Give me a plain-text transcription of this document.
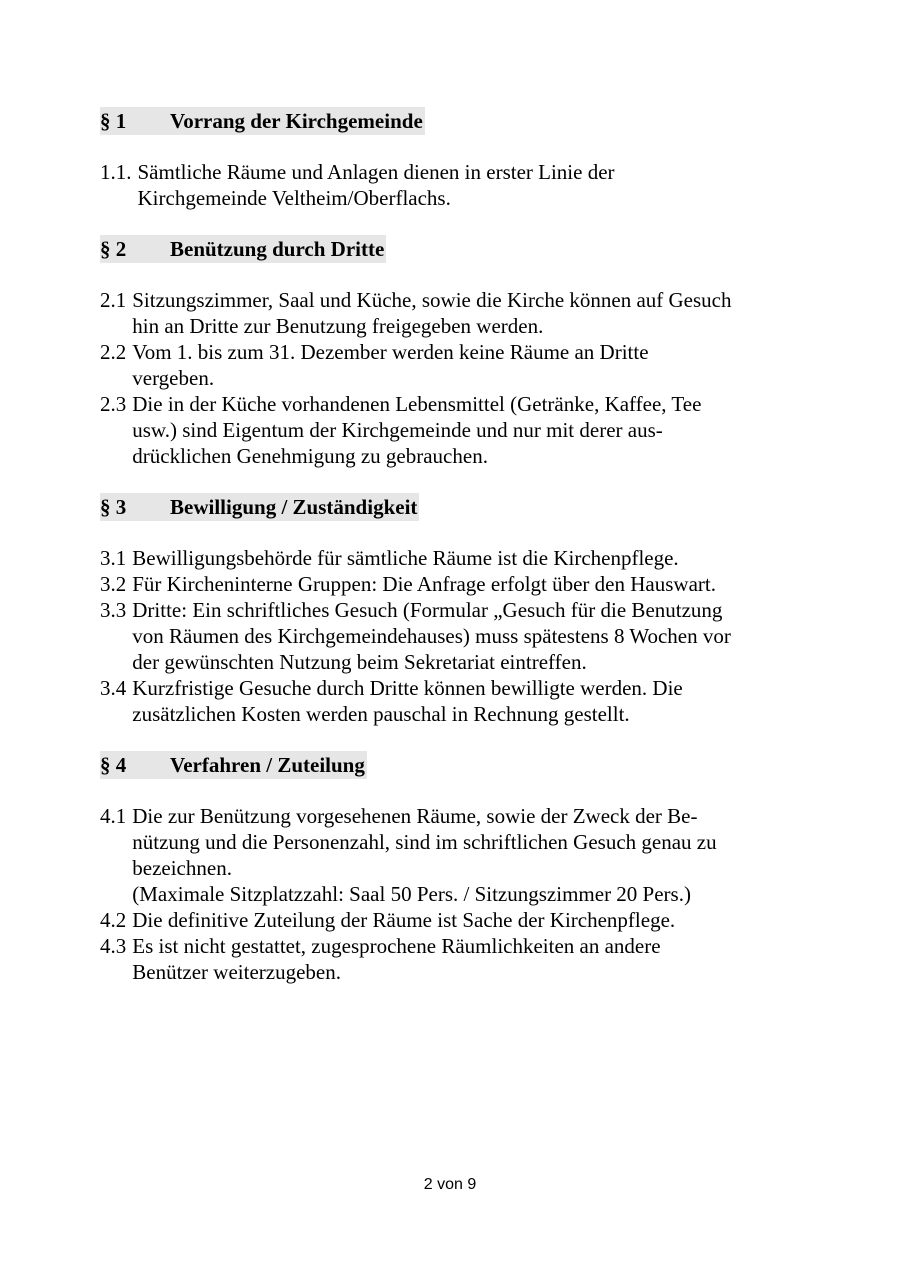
§ 1 Vorrang der Kirchgemeinde
1.1. Sämtliche Räume und Anlagen dienen in erster Linie der
Kirchgemeinde Veltheim/Oberflachs.
§ 2 Benützung durch Dritte
2.1 Sitzungszimmer, Saal und Küche, sowie die Kirche können auf Gesuch
hin an Dritte zur Benutzung freigegeben werden.
2.2 Vom 1. bis zum 31. Dezember werden keine Räume an Dritte
vergeben.
2.3 Die in der Küche vorhandenen Lebensmittel (Getränke, Kaffee, Tee
usw.) sind Eigentum der Kirchgemeinde und nur mit derer aus-
drücklichen Genehmigung zu gebrauchen.
§ 3 Bewilligung / Zuständigkeit
3.1 Bewilligungsbehörde für sämtliche Räume ist die Kirchenpflege.
3.2 Für Kircheninterne Gruppen: Die Anfrage erfolgt über den Hauswart.
3.3 Dritte: Ein schriftliches Gesuch (Formular „Gesuch für die Benutzung
von Räumen des Kirchgemeindehauses) muss spätestens 8 Wochen vor
der gewünschten Nutzung beim Sekretariat eintreffen.
3.4 Kurzfristige Gesuche durch Dritte können bewilligte werden. Die
zusätzlichen Kosten werden pauschal in Rechnung gestellt.
§ 4 Verfahren / Zuteilung
4.1 Die zur Benützung vorgesehenen Räume, sowie der Zweck der Be-
nützung und die Personenzahl, sind im schriftlichen Gesuch genau zu
bezeichnen.
(Maximale Sitzplatzzahl: Saal 50 Pers. / Sitzungszimmer 20 Pers.)
4.2 Die definitive Zuteilung der Räume ist Sache der Kirchenpflege.
4.3 Es ist nicht gestattet, zugesprochene Räumlichkeiten an andere
Benützer weiterzugeben.
2 von 9
